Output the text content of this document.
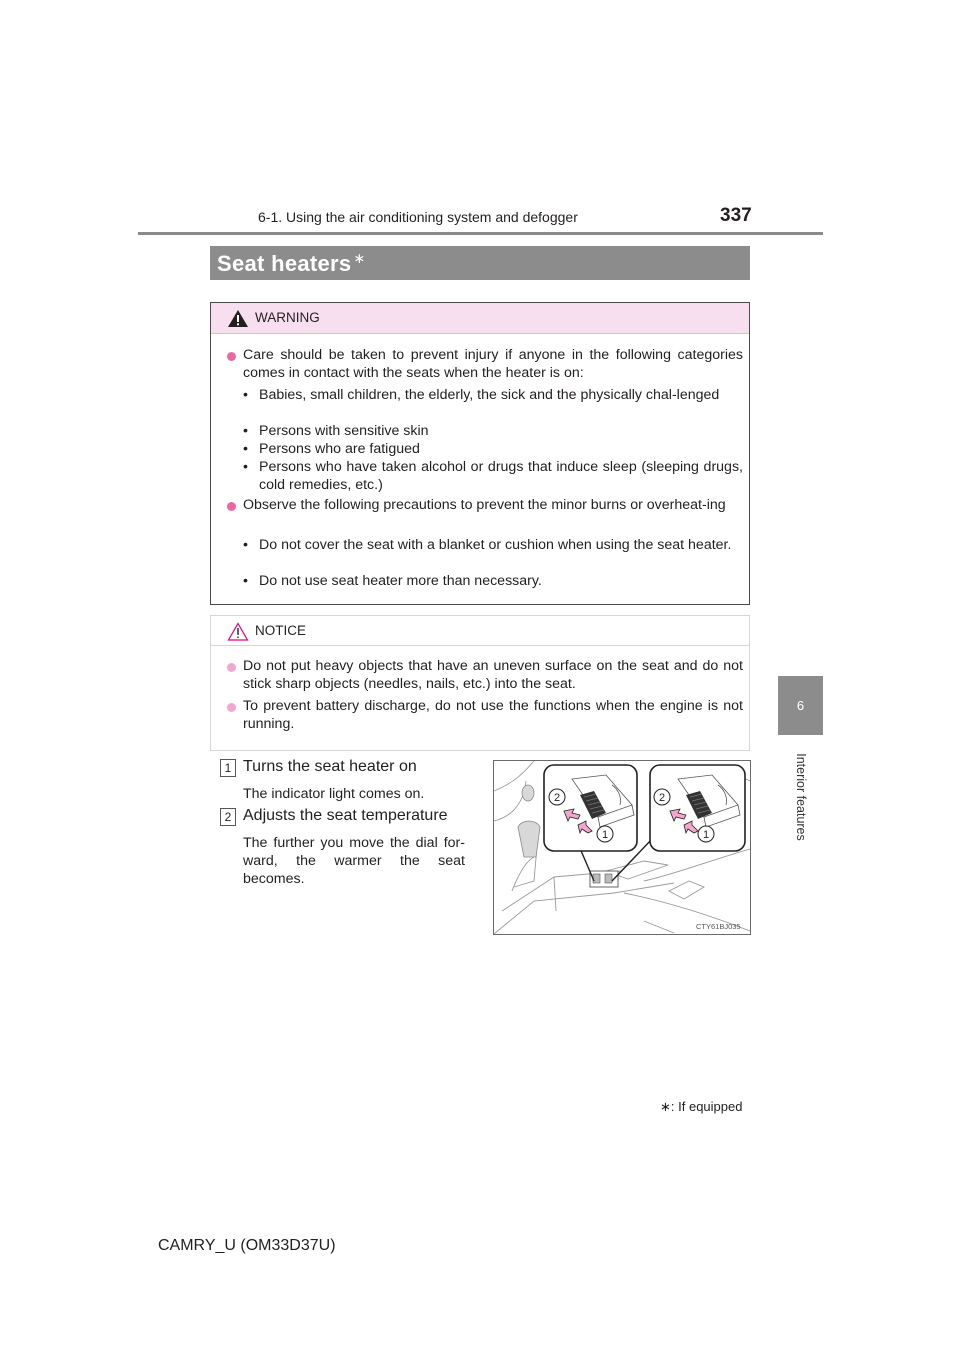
6-1. Using the air conditioning system and defogger	337
6
Interior features
Seat heaters ∗
WARNING
Care should be taken to prevent injury if anyone in the following categories comes in contact with the seats when the heater is on:
• Babies, small children, the elderly, the sick and the physically chal-lenged
• Persons with sensitive skin
• Persons who are fatigued
• Persons who have taken alcohol or drugs that induce sleep (sleeping drugs, cold remedies, etc.)
Observe the following precautions to prevent the minor burns or overheat-ing
• Do not cover the seat with a blanket or cushion when using the seat heater.
• Do not use seat heater more than necessary.
NOTICE
Do not put heavy objects that have an uneven surface on the seat and do not stick sharp objects (needles, nails, etc.) into the seat.
To prevent battery discharge, do not use the functions when the engine is not running.
1 Turns the seat heater on
The indicator light comes on.
2 Adjusts the seat temperature
The further you move the dial for-ward, the warmer the seat becomes.
2
1
2
1
CTY61BJ035
∗: If equipped
CAMRY_U (OM33D37U)
